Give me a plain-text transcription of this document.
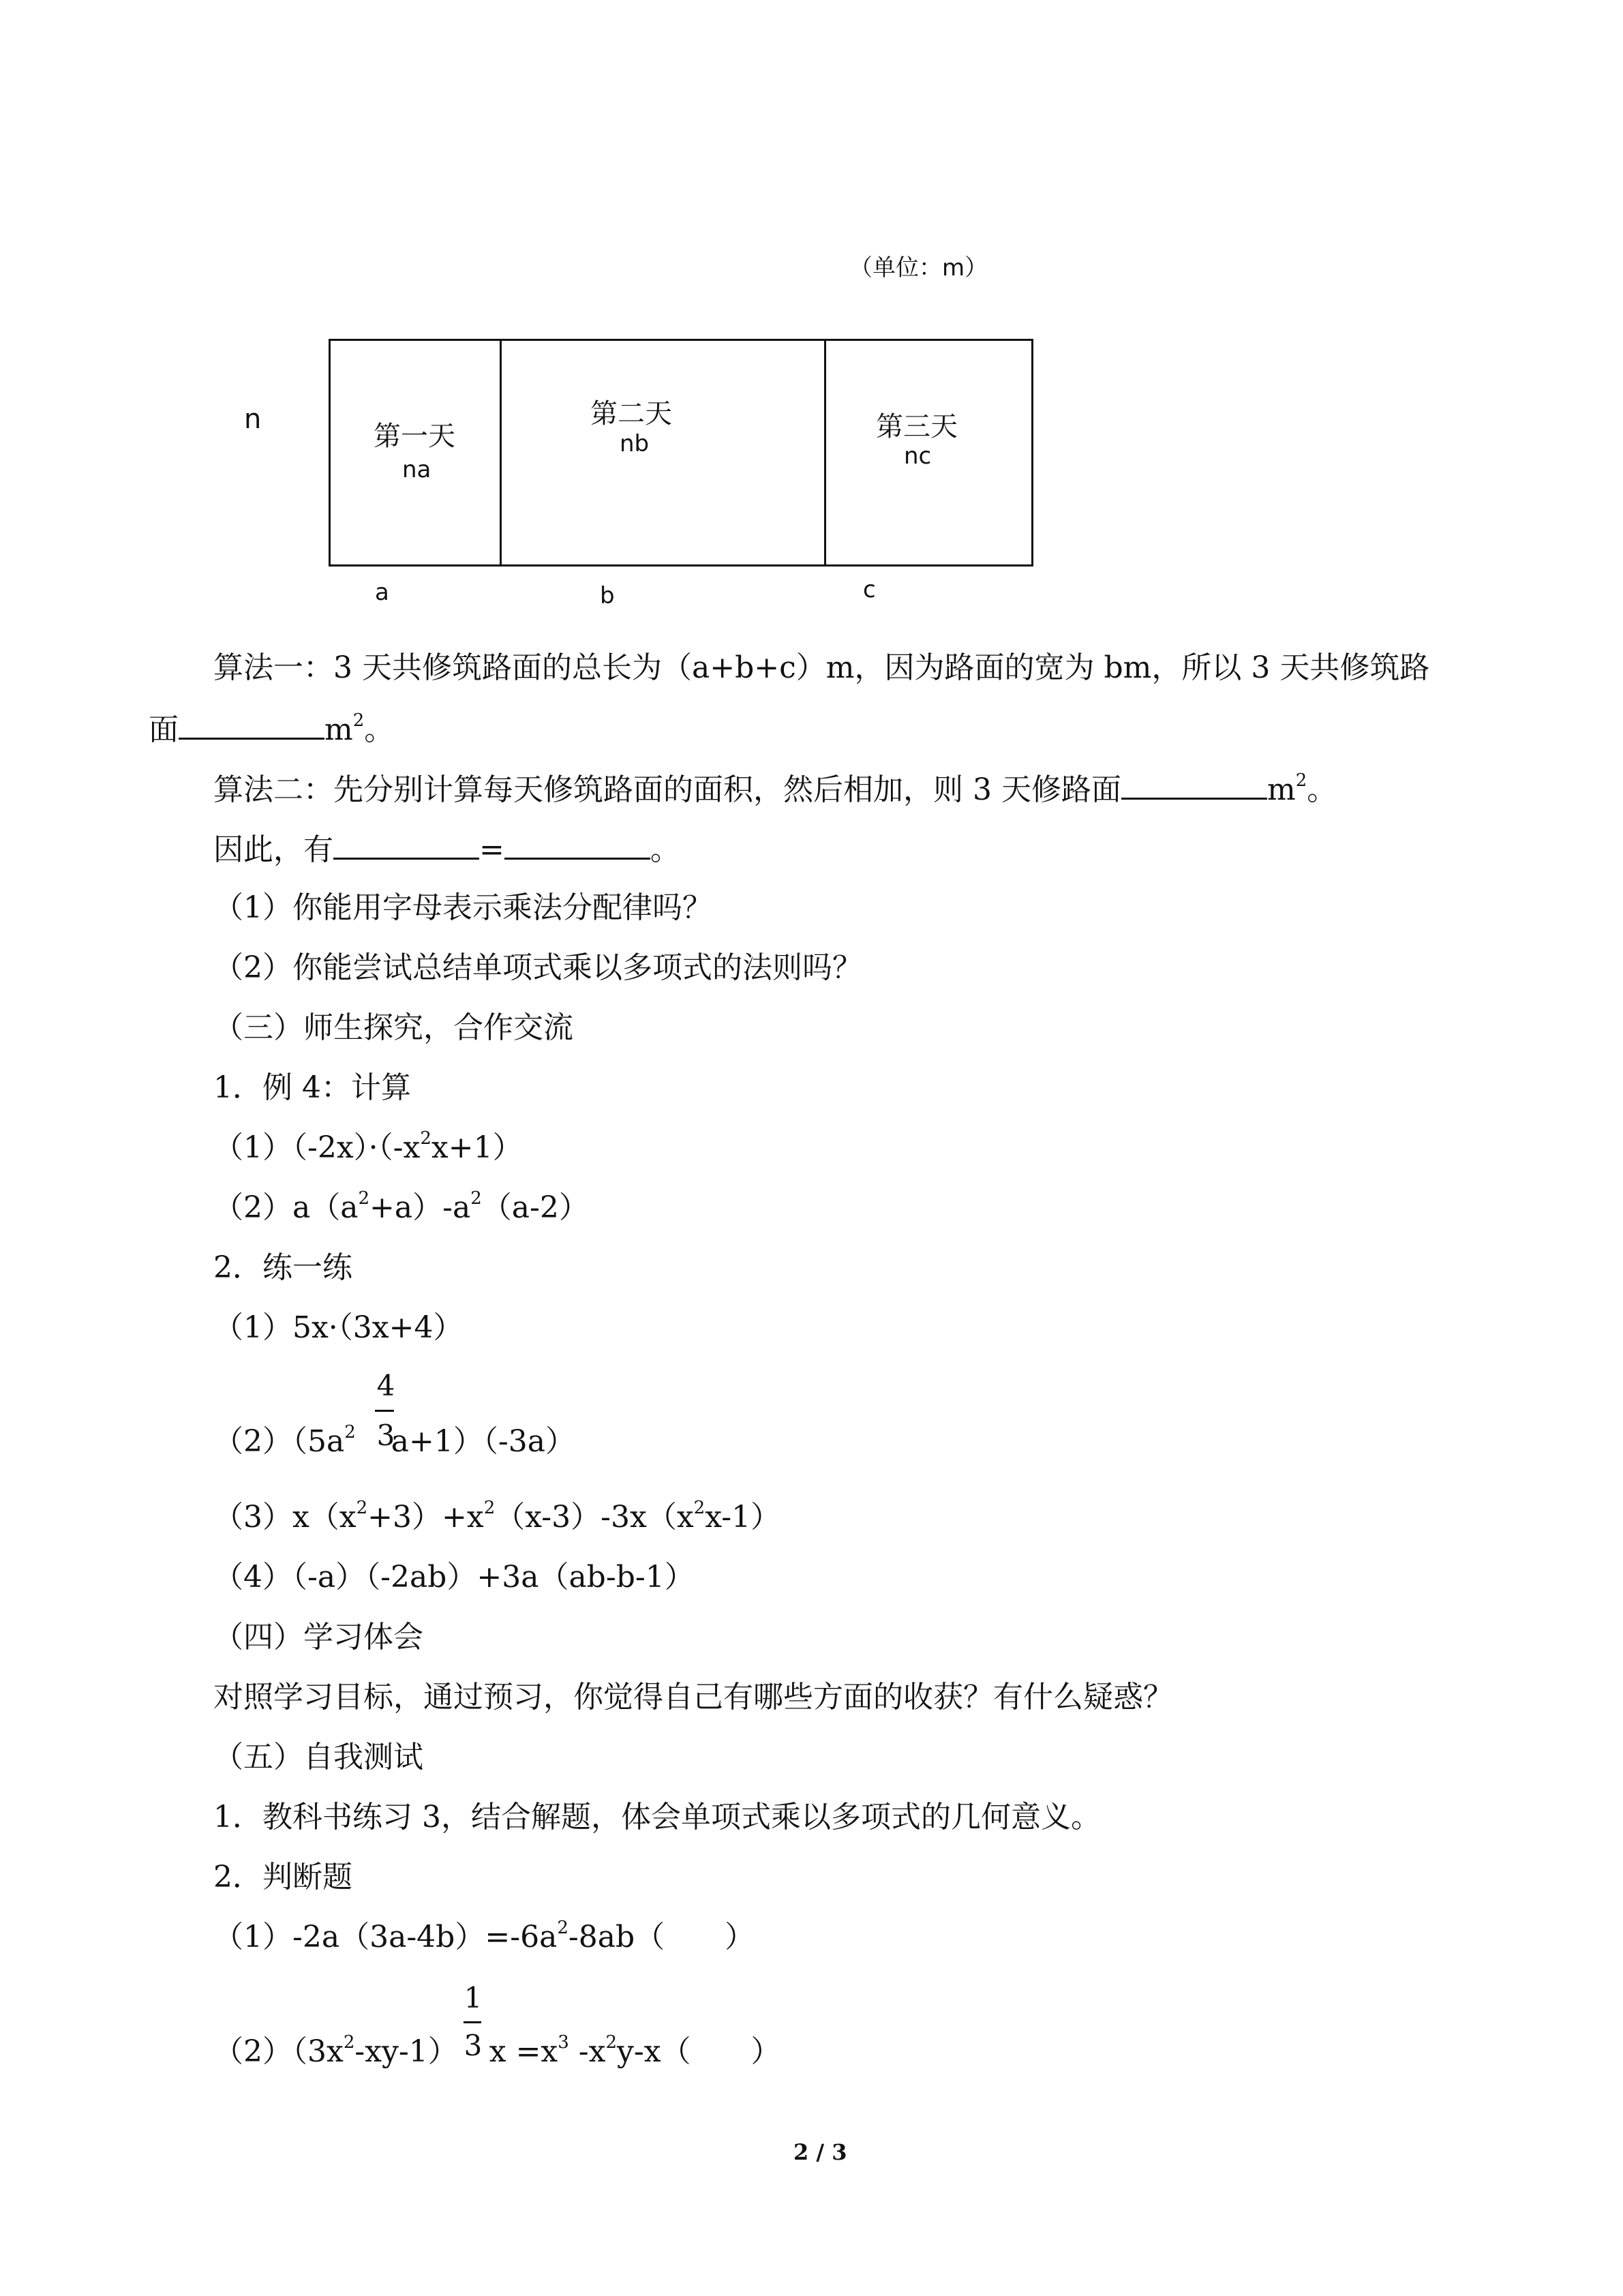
（单位：m）
n
第一天
na
第二天
nb
第三天
nc
a	b	c
算法一：3 天共修筑路面的总长为（a+b+c）m，因为路面的宽为 bm，所以 3 天共修筑路
面	$m^2$。
算法二：先分别计算每天修筑路面的面积，然后相加，则 3 天修路面	$m^2$。
因此，有	=	。
（1）你能用字母表示乘法分配律吗？
（2）你能尝试总结单项式乘以多项式的法则吗？
（三）师生探究，合作交流
1．例 4：计算
$(1)(-2x)\cdot(-x^2x+1)$
$(2)a(a^2+a)-a^2(a-2)$
2．练一练
（1）5x·（3x+4）
$(2)(5a^2$ a+1）（-3a）
4
3
$(3)x(x^2+3)+x^2(x-3)-3x(x^2x-1)$
（4）（-a）（-2ab）+3a（ab-b-1）
（四）学习体会
对照学习目标，通过预习，你觉得自己有哪些方面的收获？有什么疑惑？
（五）自我测试
1．教科书练习 3，结合解题，体会单项式乘以多项式的几何意义。
2．判断题
$(1)-2a(3a-4b)=-6a^2-8ab$（　　）
$(2)(3x^2-xy-1)$ $x =x^3$ $-x^2y-x$（　　）
1
3
2 / 3
